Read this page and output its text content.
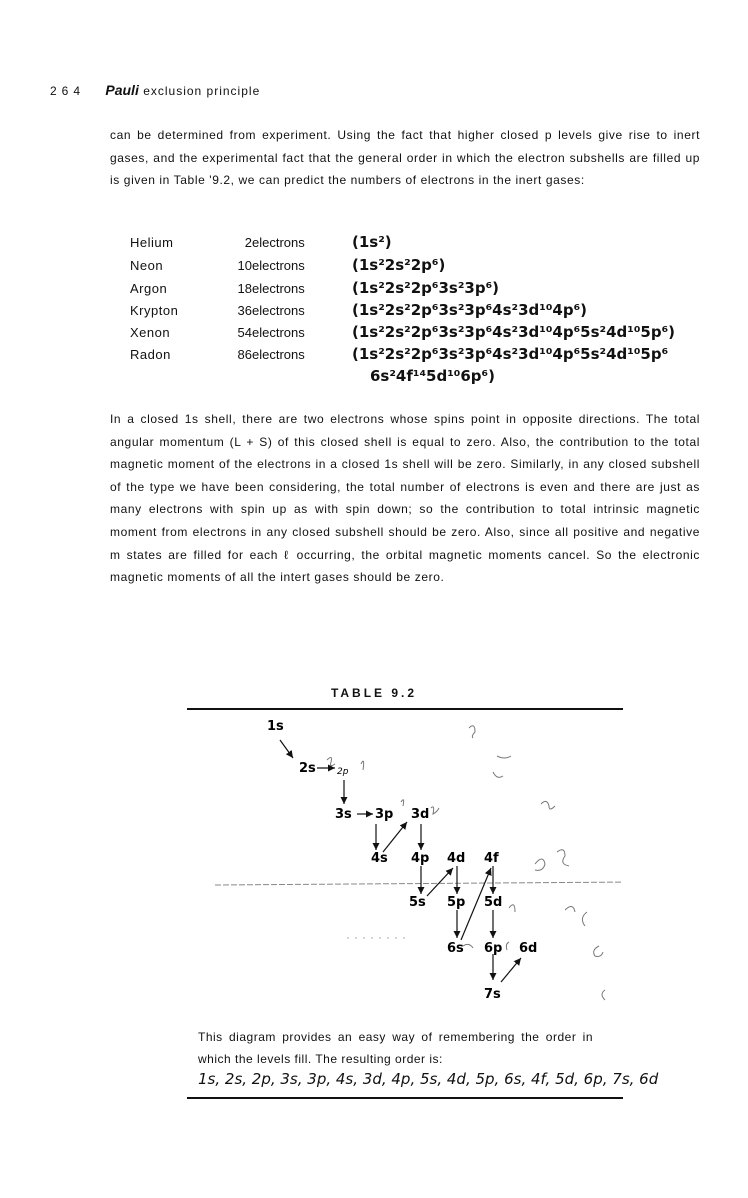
264 Pauli exclusion principle

can be determined from experiment. Using the fact that higher closed p levels give rise to inert gases, and the experimental fact that the general order in which the electron subshells are filled up is given in Table '9.2, we can predict the numbers of electrons in the inert gases:

Helium	2 electrons	(1s²)
Neon	10 electrons	(1s²2s²2p⁶)
Argon	18 electrons	(1s²2s²2p⁶3s²3p⁶)
Krypton	36 electrons	(1s²2s²2p⁶3s²3p⁶4s²3d¹⁰4p⁶)
Xenon	54 electrons	(1s²2s²2p⁶3s²3p⁶4s²3d¹⁰4p⁶5s²4d¹⁰5p⁶)
Radon	86 electrons	(1s²2s²2p⁶3s²3p⁶4s²3d¹⁰4p⁶5s²4d¹⁰5p⁶
6s²4f¹⁴5d¹⁰6p⁶)

In a closed 1s shell, there are two electrons whose spins point in opposite directions. The total angular momentum (L + S) of this closed shell is equal to zero. Also, the contribution to the total magnetic moment of the electrons in a closed 1s shell will be zero. Similarly, in any closed subshell of the type we have been considering, the total number of electrons is even and there are just as many electrons with spin up as with spin down; so the contribution to total intrinsic magnetic moment from electrons in any closed subshell should be zero. Also, since all positive and negative m states are filled for each ℓ occurring, the orbital magnetic moments cancel. So the electronic magnetic moments of all the intert gases should be zero.

TABLE 9.2
1s
2s 2p
3s 3p 3d
4s 4p 4d 4f
5s 5p 5d
6s 6p 6d
7s
This diagram provides an easy way of remembering the order in which the levels fill. The resulting order is:
1s, 2s, 2p, 3s, 3p, 4s, 3d, 4p, 5s, 4d, 5p, 6s, 4f, 5d, 6p, 7s, 6d
